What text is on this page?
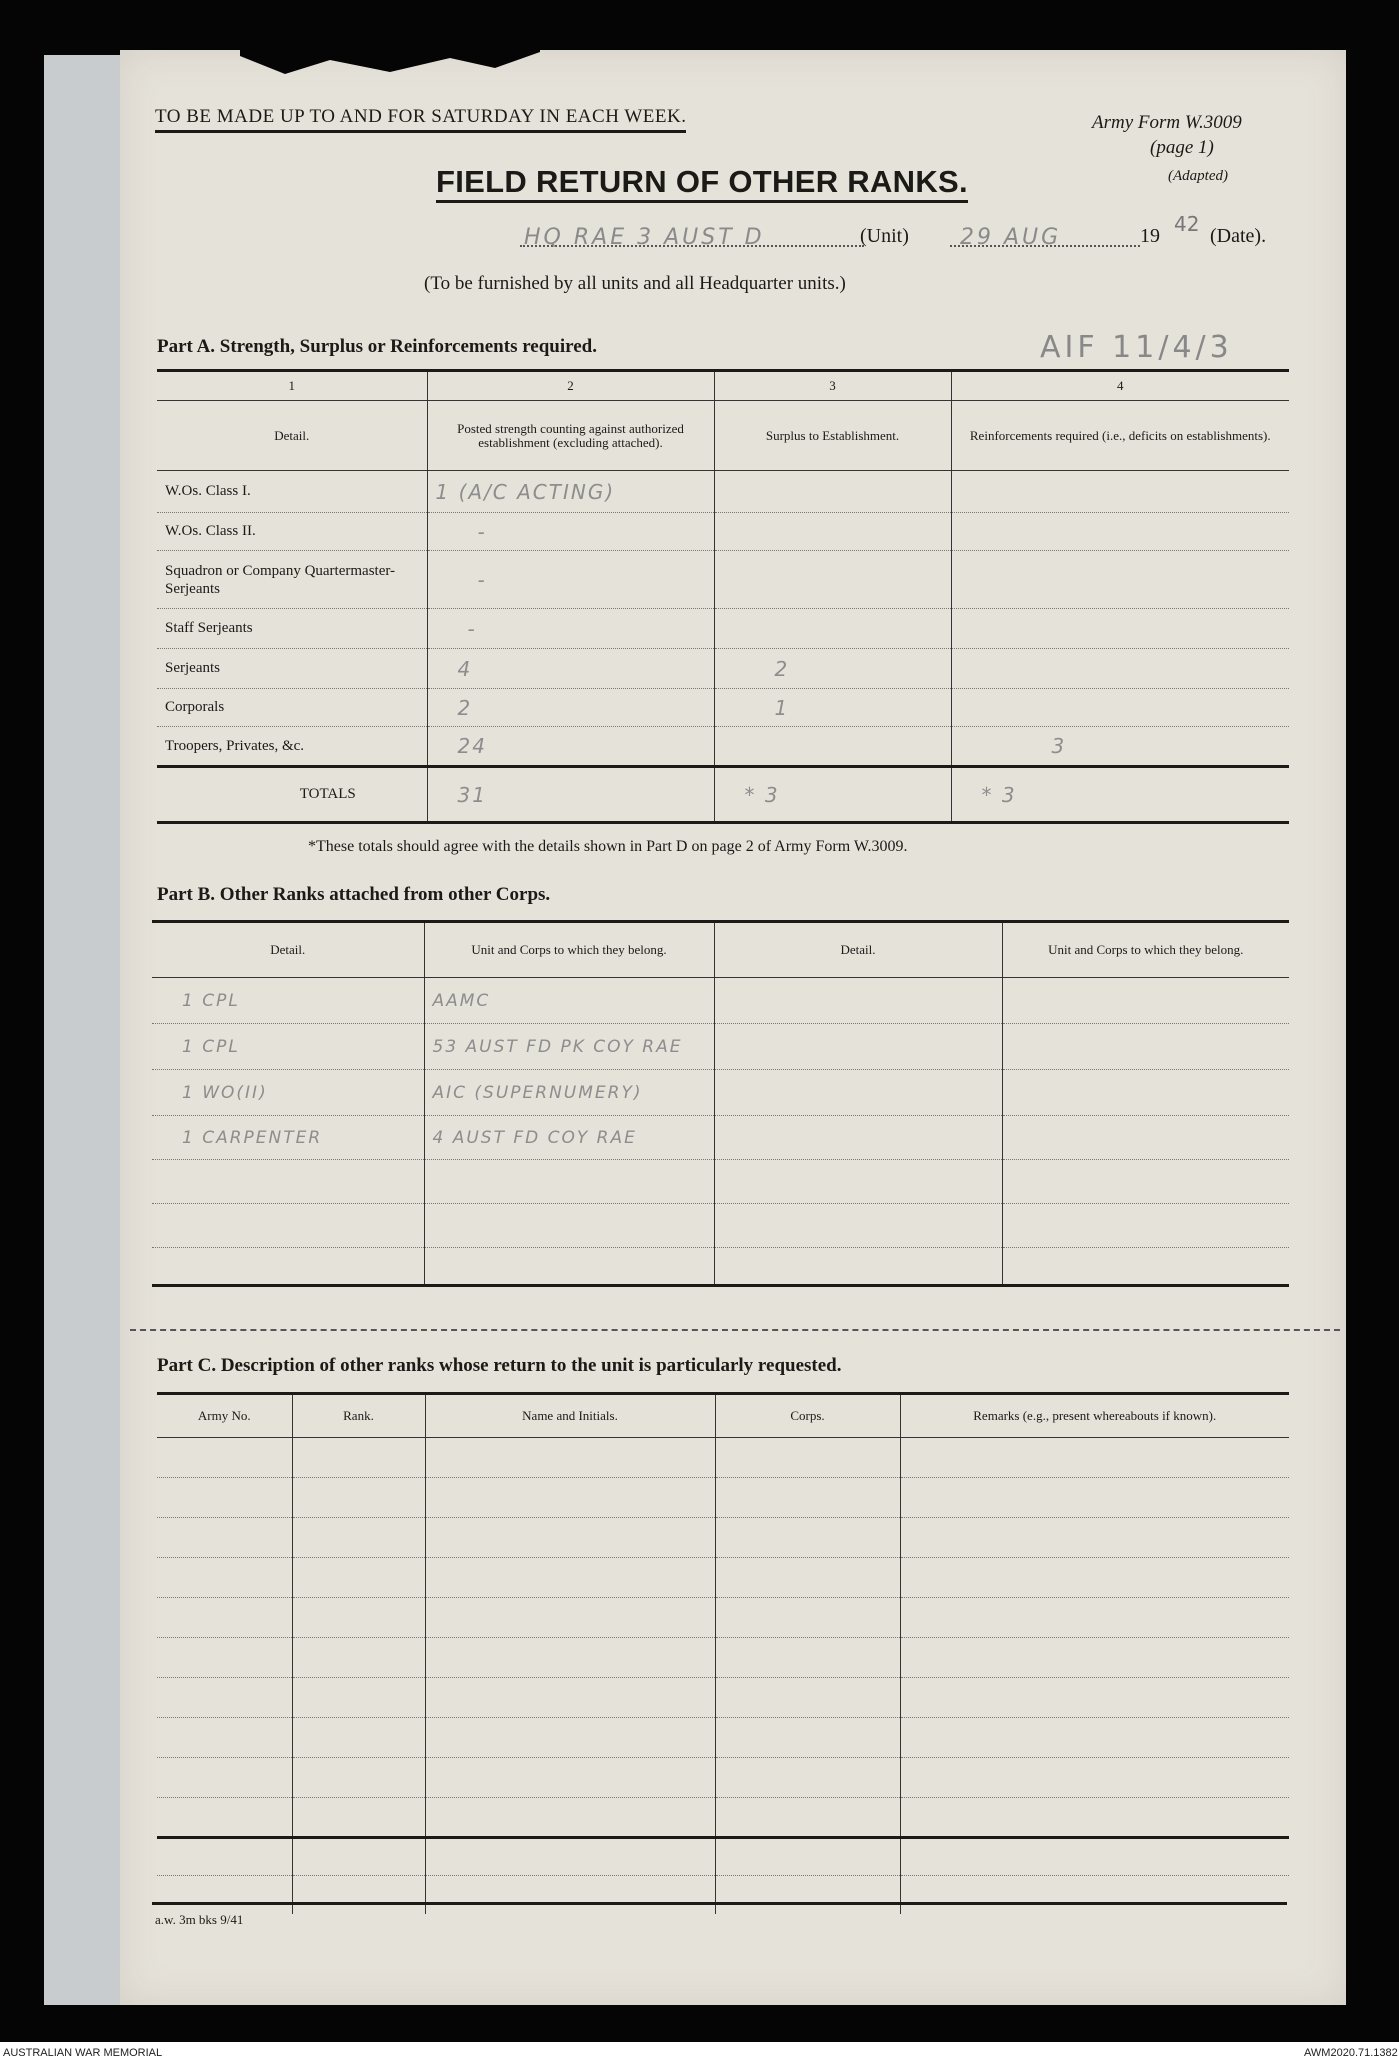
TO BE MADE UP TO AND FOR SATURDAY IN EACH WEEK.	Army Form W.3009
(page 1)
(Adapted)
FIELD RETURN OF OTHER RANKS.
HQ RAE 3 AUST D	(Unit)	29 AUG	19 42 (Date).
(To be furnished by all units and all Headquarter units.)
AIF 11/4/3
Part A. Strength, Surplus or Reinforcements required.
1	2	3	4
Detail.	Posted strength counting against authorized establishment (excluding attached).	Surplus to Establishment.	Reinforcements required (i.e., deficits on establishments).
W.Os. Class I.	1 (A/C ACTING)		
W.Os. Class II.	-		
Squadron or Company Quartermaster-Serjeants	-		
Staff Serjeants	-		
Serjeants	4	2	
Corporals	2	1	
Troopers, Privates, &c.	24		3
TOTALS	31	* 3	* 3
*These totals should agree with the details shown in Part D on page 2 of Army Form W.3009.
Part B. Other Ranks attached from other Corps.
Detail.	Unit and Corps to which they belong.	Detail.	Unit and Corps to which they belong.
1 CPL	AAMC		
1 CPL	53 AUST FD PK COY RAE		
1 WO(II)	AIC (SUPERNUMERY)		
1 CARPENTER	4 AUST FD COY RAE		

Part C. Description of other ranks whose return to the unit is particularly requested.
Army No.	Rank.	Name and Initials.	Corps.	Remarks (e.g., present whereabouts if known).

a.w. 3m bks 9/41
AUSTRALIAN WAR MEMORIAL	AWM2020.71.1382
